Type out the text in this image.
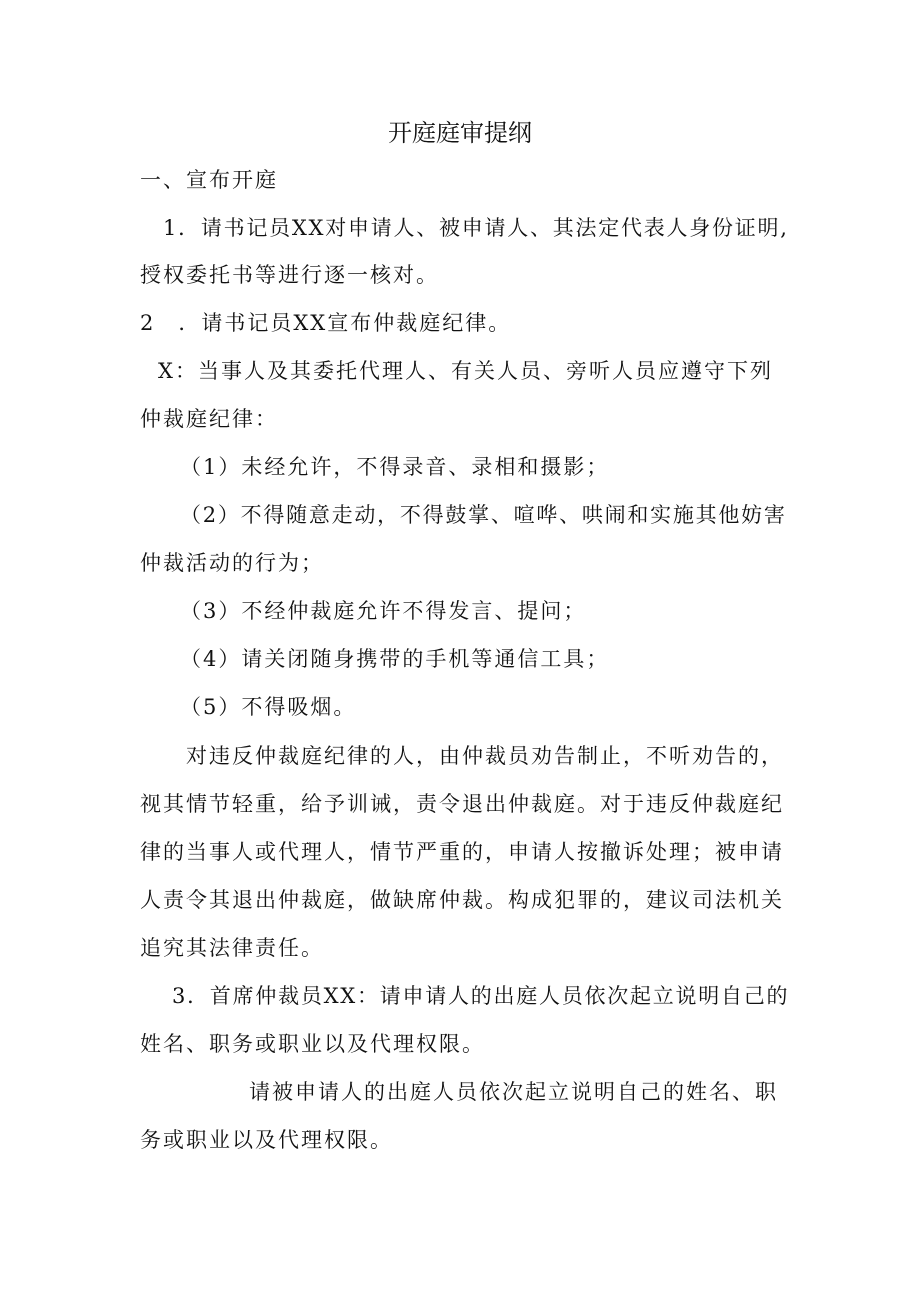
开庭庭审提纲

一、宣布开庭

1．请书记员XX对申请人、被申请人、其法定代表人身份证明,

授权委托书等进行逐一核对。

2　．请书记员XX宣布仲裁庭纪律。

X：当事人及其委托代理人、有关人员、旁听人员应遵守下列

仲裁庭纪律：

（1）未经允许，不得录音、录相和摄影；

（2）不得随意走动，不得鼓掌、喧哗、哄闹和实施其他妨害

仲裁活动的行为；

（3）不经仲裁庭允许不得发言、提问；

（4）请关闭随身携带的手机等通信工具；

（5）不得吸烟。

对违反仲裁庭纪律的人，由仲裁员劝告制止，不听劝告的，

视其情节轻重，给予训诫，责令退出仲裁庭。对于违反仲裁庭纪

律的当事人或代理人，情节严重的，申请人按撤诉处理；被申请

人责令其退出仲裁庭，做缺席仲裁。构成犯罪的，建议司法机关

追究其法律责任。

3．首席仲裁员XX：请申请人的出庭人员依次起立说明自己的

姓名、职务或职业以及代理权限。

请被申请人的出庭人员依次起立说明自己的姓名、职

务或职业以及代理权限。
